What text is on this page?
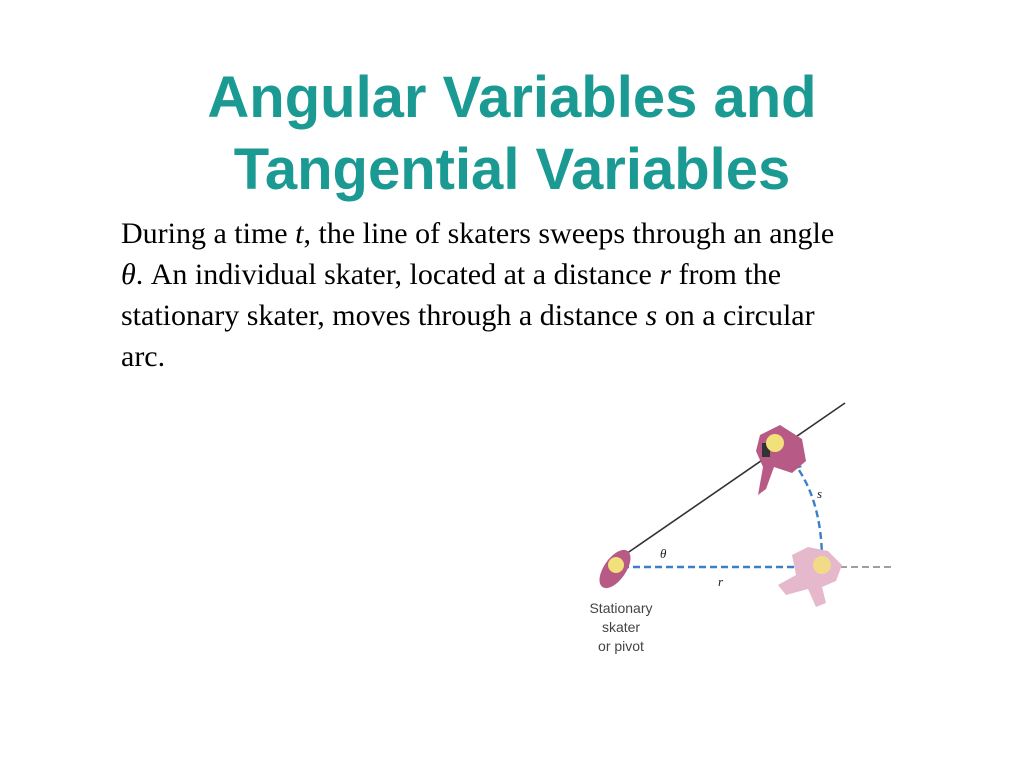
Angular Variables and
Tangential Variables

During a time t, the line of skaters sweeps through an angle
θ. An individual skater, located at a distance r from the
stationary skater, moves through a distance s on a circular
arc.

θ
r
s
Stationary
skater
or pivot
